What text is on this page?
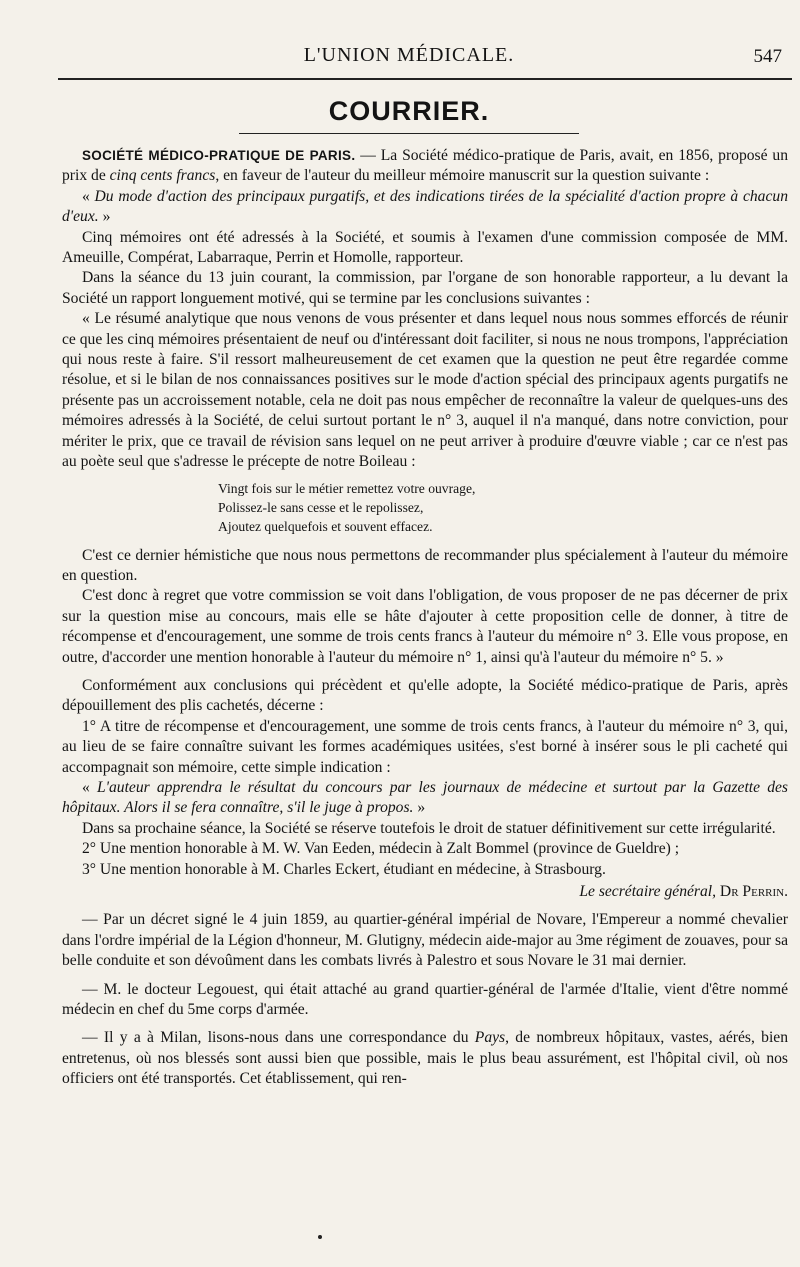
L'UNION MÉDICALE.	547
COURRIER.

SOCIÉTÉ MÉDICO-PRATIQUE DE PARIS. — La Société médico-pratique de Paris, avait, en 1856, proposé un prix de cinq cents francs, en faveur de l'auteur du meilleur mémoire manuscrit sur la question suivante :

« Du mode d'action des principaux purgatifs, et des indications tirées de la spécialité d'action propre à chacun d'eux. »

Cinq mémoires ont été adressés à la Société, et soumis à l'examen d'une commission composée de MM. Ameuille, Compérat, Labarraque, Perrin et Homolle, rapporteur.

Dans la séance du 13 juin courant, la commission, par l'organe de son honorable rapporteur, a lu devant la Société un rapport longuement motivé, qui se termine par les conclusions suivantes :

« Le résumé analytique que nous venons de vous présenter et dans lequel nous nous sommes efforcés de réunir ce que les cinq mémoires présentaient de neuf ou d'intéressant doit faciliter, si nous ne nous trompons, l'appréciation qui nous reste à faire. S'il ressort malheureusement de cet examen que la question ne peut être regardée comme résolue, et si le bilan de nos connaissances positives sur le mode d'action spécial des principaux agents purgatifs ne présente pas un accroissement notable, cela ne doit pas nous empêcher de reconnaître la valeur de quelques-uns des mémoires adressés à la Société, de celui surtout portant le n° 3, auquel il n'a manqué, dans notre conviction, pour mériter le prix, que ce travail de révision sans lequel on ne peut arriver à produire d'œuvre viable ; car ce n'est pas au poète seul que s'adresse le précepte de notre Boileau :

Vingt fois sur le métier remettez votre ouvrage,
Polissez-le sans cesse et le repolissez,
Ajoutez quelquefois et souvent effacez.

C'est ce dernier hémistiche que nous nous permettons de recommander plus spécialement à l'auteur du mémoire en question.

C'est donc à regret que votre commission se voit dans l'obligation, de vous proposer de ne pas décerner de prix sur la question mise au concours, mais elle se hâte d'ajouter à cette proposition celle de donner, à titre de récompense et d'encouragement, une somme de trois cents francs à l'auteur du mémoire n° 3. Elle vous propose, en outre, d'accorder une mention honorable à l'auteur du mémoire n° 1, ainsi qu'à l'auteur du mémoire n° 5. »

Conformément aux conclusions qui précèdent et qu'elle adopte, la Société médico-pratique de Paris, après dépouillement des plis cachetés, décerne :

1° A titre de récompense et d'encouragement, une somme de trois cents francs, à l'auteur du mémoire n° 3, qui, au lieu de se faire connaître suivant les formes académiques usitées, s'est borné à insérer sous le pli cacheté qui accompagnait son mémoire, cette simple indication :

« L'auteur apprendra le résultat du concours par les journaux de médecine et surtout par la Gazette des hôpitaux. Alors il se fera connaître, s'il le juge à propos. »

Dans sa prochaine séance, la Société se réserve toutefois le droit de statuer définitivement sur cette irrégularité.

2° Une mention honorable à M. W. Van Eeden, médecin à Zalt Bommel (province de Gueldre) ;

3° Une mention honorable à M. Charles Eckert, étudiant en médecine, à Strasbourg.

Le secrétaire général, Dr Perrin.

— Par un décret signé le 4 juin 1859, au quartier-général impérial de Novare, l'Empereur a nommé chevalier dans l'ordre impérial de la Légion d'honneur, M. Glutigny, médecin aide-major au 3me régiment de zouaves, pour sa belle conduite et son dévoûment dans les combats livrés à Palestro et sous Novare le 31 mai dernier.

— M. le docteur Legouest, qui était attaché au grand quartier-général de l'armée d'Italie, vient d'être nommé médecin en chef du 5me corps d'armée.

— Il y a à Milan, lisons-nous dans une correspondance du Pays, de nombreux hôpitaux, vastes, aérés, bien entretenus, où nos blessés sont aussi bien que possible, mais le plus beau assurément, est l'hôpital civil, où nos officiers ont été transportés. Cet établissement, qui ren-
